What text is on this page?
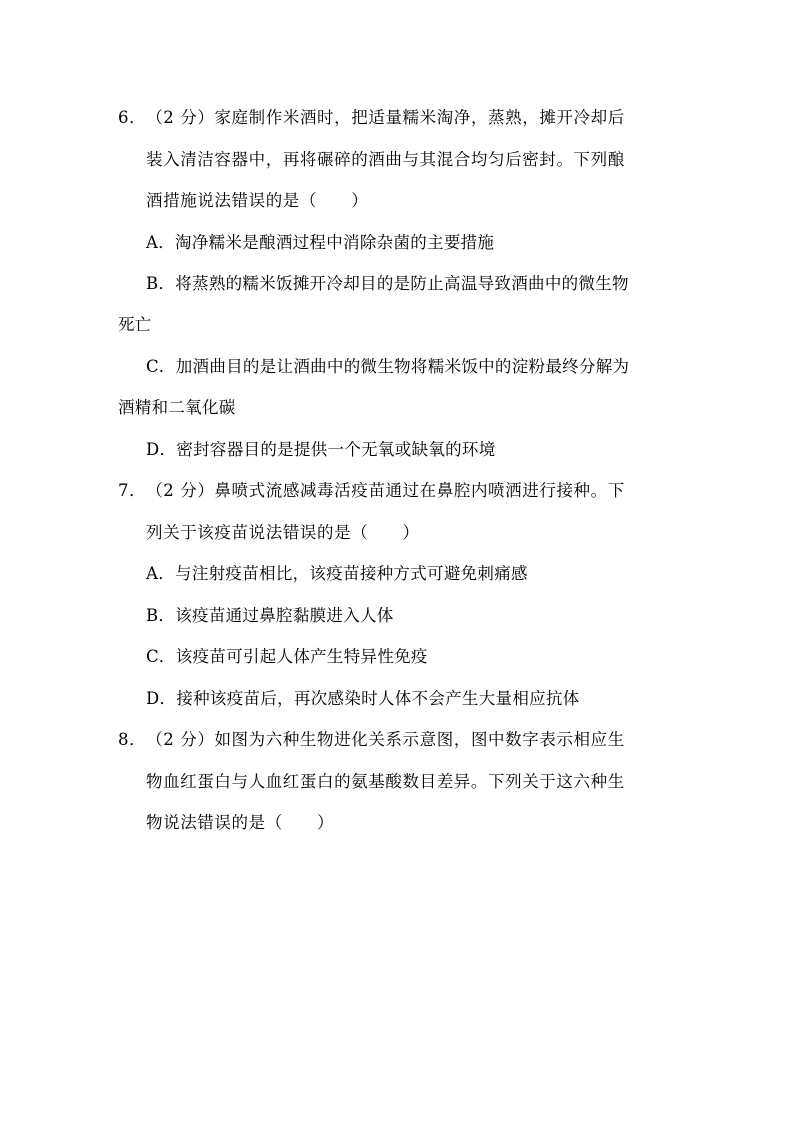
6．（2 分）家庭制作米酒时，把适量糯米淘净，蒸熟，摊开冷却后
装入清洁容器中，再将碾碎的酒曲与其混合均匀后密封。下列酿
酒措施说法错误的是（　　）
A．淘净糯米是酿酒过程中消除杂菌的主要措施
B．将蒸熟的糯米饭摊开冷却目的是防止高温导致酒曲中的微生物
死亡
C．加酒曲目的是让酒曲中的微生物将糯米饭中的淀粉最终分解为
酒精和二氧化碳
D．密封容器目的是提供一个无氧或缺氧的环境
7．（2 分）鼻喷式流感减毒活疫苗通过在鼻腔内喷洒进行接种。下
列关于该疫苗说法错误的是（　　）
A．与注射疫苗相比，该疫苗接种方式可避免刺痛感
B．该疫苗通过鼻腔黏膜进入人体
C．该疫苗可引起人体产生特异性免疫
D．接种该疫苗后，再次感染时人体不会产生大量相应抗体
8．（2 分）如图为六种生物进化关系示意图，图中数字表示相应生
物血红蛋白与人血红蛋白的氨基酸数目差异。下列关于这六种生
物说法错误的是（　　）
